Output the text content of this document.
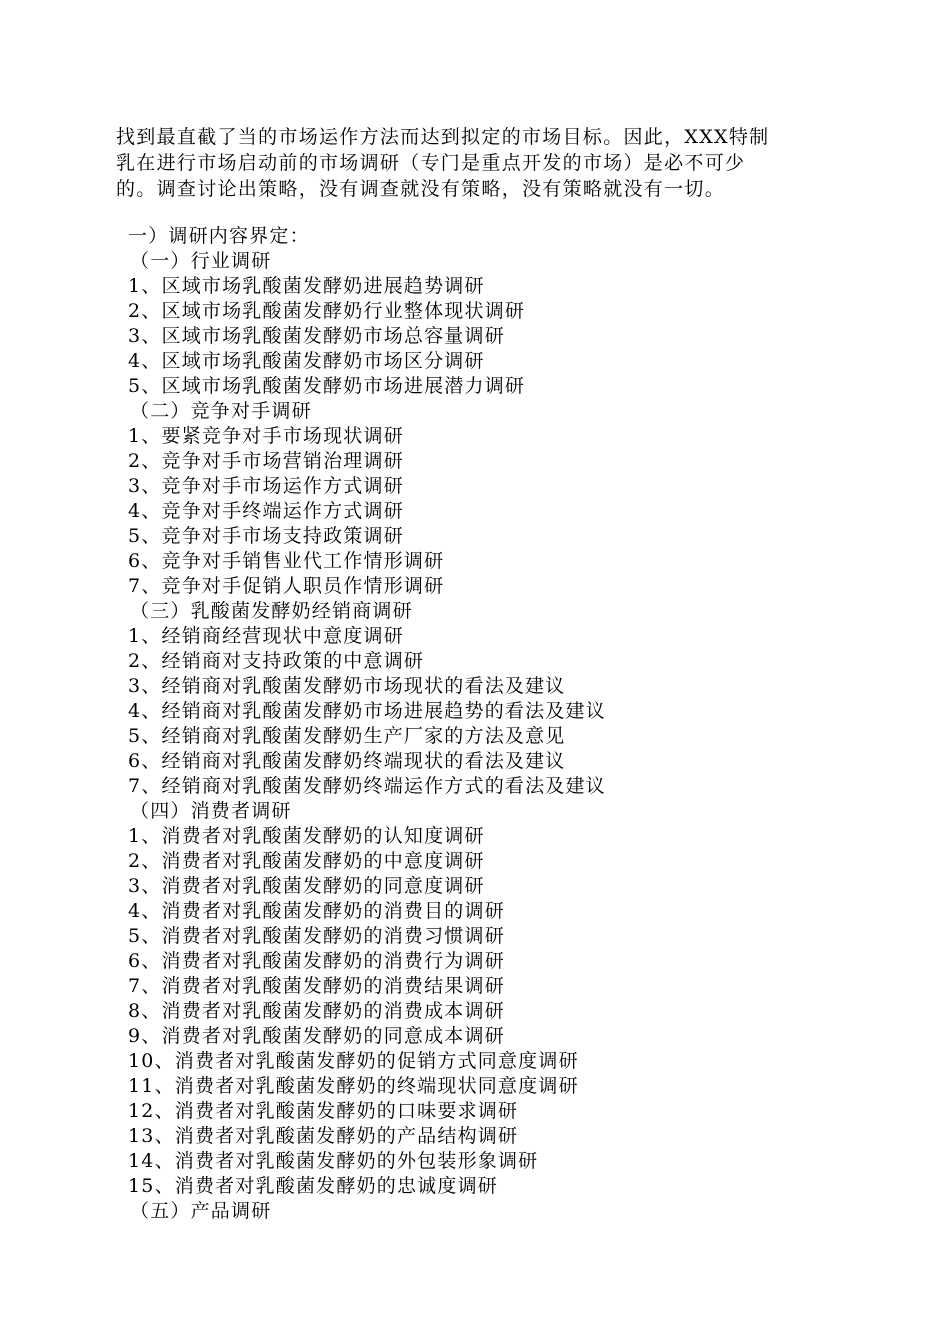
找到最直截了当的市场运作方法而达到拟定的市场目标。因此，XXX特制

乳在进行市场启动前的市场调研（专门是重点开发的市场）是必不可少

的。调查讨论出策略，没有调查就没有策略，没有策略就没有一切。

一）调研内容界定：
（一）行业调研
1、区域市场乳酸菌发酵奶进展趋势调研
2、区域市场乳酸菌发酵奶行业整体现状调研
3、区域市场乳酸菌发酵奶市场总容量调研
4、区域市场乳酸菌发酵奶市场区分调研
5、区域市场乳酸菌发酵奶市场进展潜力调研
（二）竞争对手调研
1、要紧竞争对手市场现状调研
2、竞争对手市场营销治理调研
3、竞争对手市场运作方式调研
4、竞争对手终端运作方式调研
5、竞争对手市场支持政策调研
6、竞争对手销售业代工作情形调研
7、竞争对手促销人职员作情形调研
（三）乳酸菌发酵奶经销商调研
1、经销商经营现状中意度调研
2、经销商对支持政策的中意调研
3、经销商对乳酸菌发酵奶市场现状的看法及建议
4、经销商对乳酸菌发酵奶市场进展趋势的看法及建议
5、经销商对乳酸菌发酵奶生产厂家的方法及意见
6、经销商对乳酸菌发酵奶终端现状的看法及建议
7、经销商对乳酸菌发酵奶终端运作方式的看法及建议
（四）消费者调研
1、消费者对乳酸菌发酵奶的认知度调研
2、消费者对乳酸菌发酵奶的中意度调研
3、消费者对乳酸菌发酵奶的同意度调研
4、消费者对乳酸菌发酵奶的消费目的调研
5、消费者对乳酸菌发酵奶的消费习惯调研
6、消费者对乳酸菌发酵奶的消费行为调研
7、消费者对乳酸菌发酵奶的消费结果调研
8、消费者对乳酸菌发酵奶的消费成本调研
9、消费者对乳酸菌发酵奶的同意成本调研
10、消费者对乳酸菌发酵奶的促销方式同意度调研
11、消费者对乳酸菌发酵奶的终端现状同意度调研
12、消费者对乳酸菌发酵奶的口味要求调研
13、消费者对乳酸菌发酵奶的产品结构调研
14、消费者对乳酸菌发酵奶的外包装形象调研
15、消费者对乳酸菌发酵奶的忠诚度调研
（五）产品调研
